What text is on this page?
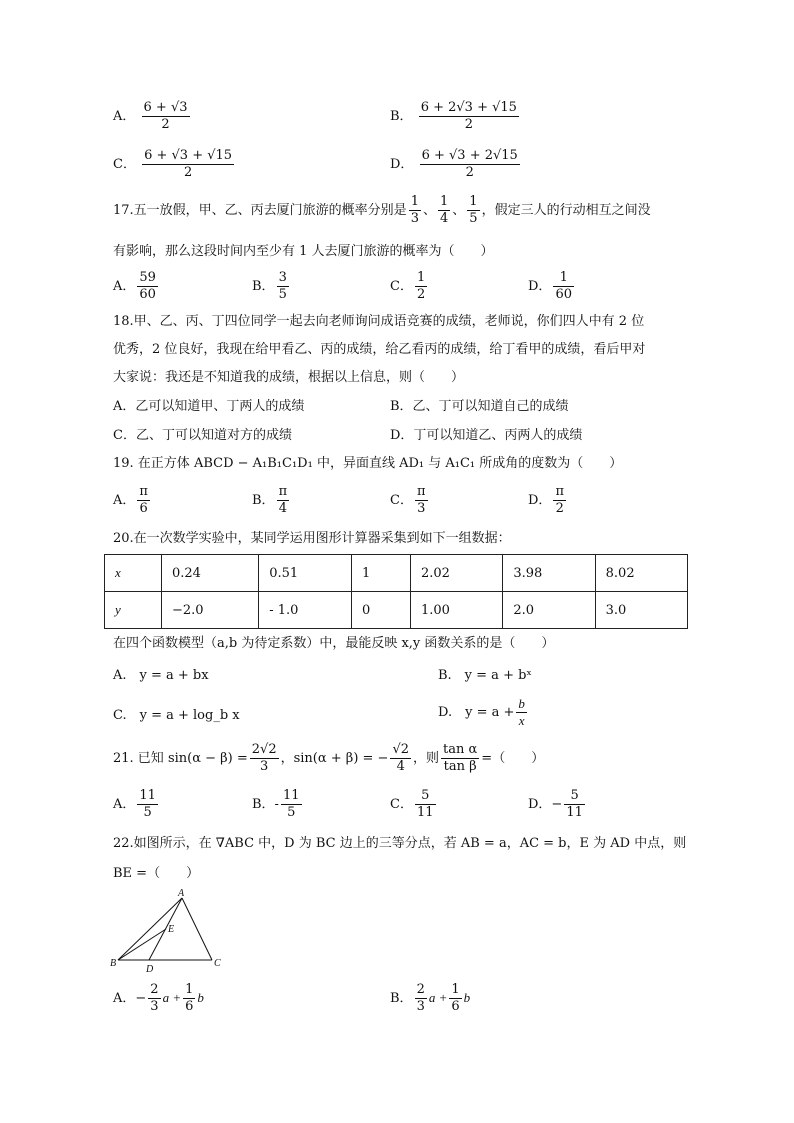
A． $\frac{6 + √3}{2}$	B． $\frac{6 + 2√3 + √15}{2}$
C． $\frac{6 + √3 + √15}{2}$	D． $\frac{6 + √3 + 2√15}{2}$
17.五一放假，甲、乙、丙去厦门旅游的概率分别是 $\frac{1}{3}$ 、 $\frac{1}{4}$ 、 $\frac{1}{5}$ ，假定三人的行动相互之间没
有影响，那么这段时间内至少有 1 人去厦门旅游的概率为（　　）
A． $\frac{59}{60}$	B． $\frac{3}{5}$	C． $\frac{1}{2}$	D． $\frac{1}{60}$
18.甲、乙、丙、丁四位同学一起去向老师询问成语竞赛的成绩，老师说，你们四人中有 2 位
优秀，2 位良好，我现在给甲看乙、丙的成绩，给乙看丙的成绩，给丁看甲的成绩，看后甲对
大家说：我还是不知道我的成绩，根据以上信息，则（　　）
A．乙可以知道甲、丁两人的成绩	B．乙、丁可以知道自己的成绩
C．乙、丁可以知道对方的成绩	D．丁可以知道乙、丙两人的成绩
19. 在正方体 ABCD − A₁B₁C₁D₁ 中，异面直线 AD₁ 与 A₁C₁ 所成角的度数为（　　）
A． $\frac{\pi}{6}$	B． $\frac{\pi}{4}$	C． $\frac{\pi}{3}$	D． $\frac{\pi}{2}$
20.在一次数学实验中，某同学运用图形计算器采集到如下一组数据：
x	0.24	0.51	1	2.02	3.98	8.02
y	−2.0	- 1.0	0	1.00	2.0	3.0
在四个函数模型（a,b 为待定系数）中，最能反映 x,y 函数关系的是（　　）
A.　y = a + bx	B.　y = a + bˣ
C.　y = a + log_b x	D.　$y = a + \frac{b}{x}$
21. 已知 $\sin(\alpha - \beta) = \frac{2√2}{3}$ ，sin(α + β) = − $\frac{√2}{4}$ ，则 $\frac{\text{tan α}}{\text{tan β}}$ =（　　）
A． $\frac{11}{5}$	B．- $\frac{11}{5}$	C． $\frac{5}{11}$	D．− $\frac{5}{11}$
22.如图所示，在 ∇ABC 中，D 为 BC 边上的三等分点，若 AB = a，AC = b，E 为 AD 中点，则
BE =（　　）
A
B	C
D
E
A．− $\frac{2}{3}$ $a + \frac{1}{6}$ b	B． $\frac{2}{3}$ $a + \frac{1}{6}$ b
